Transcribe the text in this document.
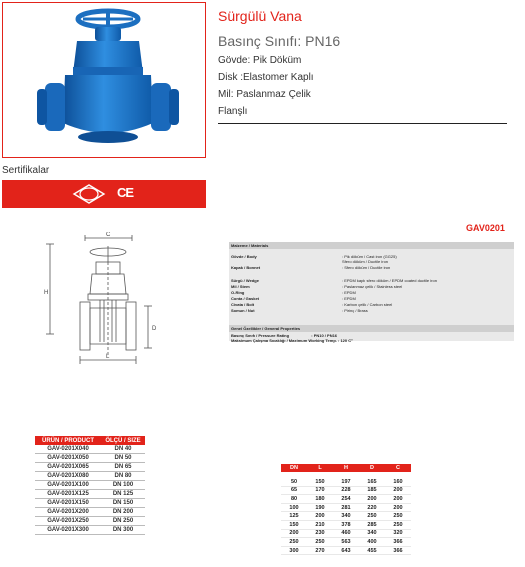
Sürgülü Vana
Basınç Sınıfı: PN16
Gövde: Pik Döküm
Disk :Elastomer Kaplı
Mil: Paslanmaz Çelik
Flanşlı
Sertifikalar
CE
GAV0201
C
H
D
L
Malzeme / Materials
Gövde / Body	: Pik döküm / Cast iron (GG25)
Sfero döküm / Ductile iron
Kapak / Bonnet	: Sfero döküm / Ductile iron
Sürgü / Wedge	: EPDM kaplı sfero döküm / EPDM coated ductile iron
Mil / Stem	: Paslanmaz çelik / Stainless steel
O-Ring	: EPDM
Conta / Gasket	: EPDM
Civata / Bolt	: Karbon çelik / Carbon steel
Somun / Nut	: Pirinç / Brass
Genel Özellikler / General Properties
Basınç Sınıfı / Pressure Rating                    : PN10 / PN16
Maksimum Çalışma Sıcaklığı / Maximum Working Temp. : 120 C°
ÜRÜN / PRODUCT	ÖLÇÜ / SIZE
GAV-0201X040	DN 40
GAV-0201X050	DN 50
GAV-0201X065	DN 65
GAV-0201X080	DN 80
GAV-0201X100	DN 100
GAV-0201X125	DN 125
GAV-0201X150	DN 150
GAV-0201X200	DN 200
GAV-0201X250	DN 250
GAV-0201X300	DN 300
DN	L	H	D	C

50	150	197	165	160
65	170	228	185	200
80	180	254	200	200
100	190	281	220	200
125	200	340	250	250
150	210	378	285	250
200	230	460	340	320
250	250	563	400	366
300	270	643	455	366
